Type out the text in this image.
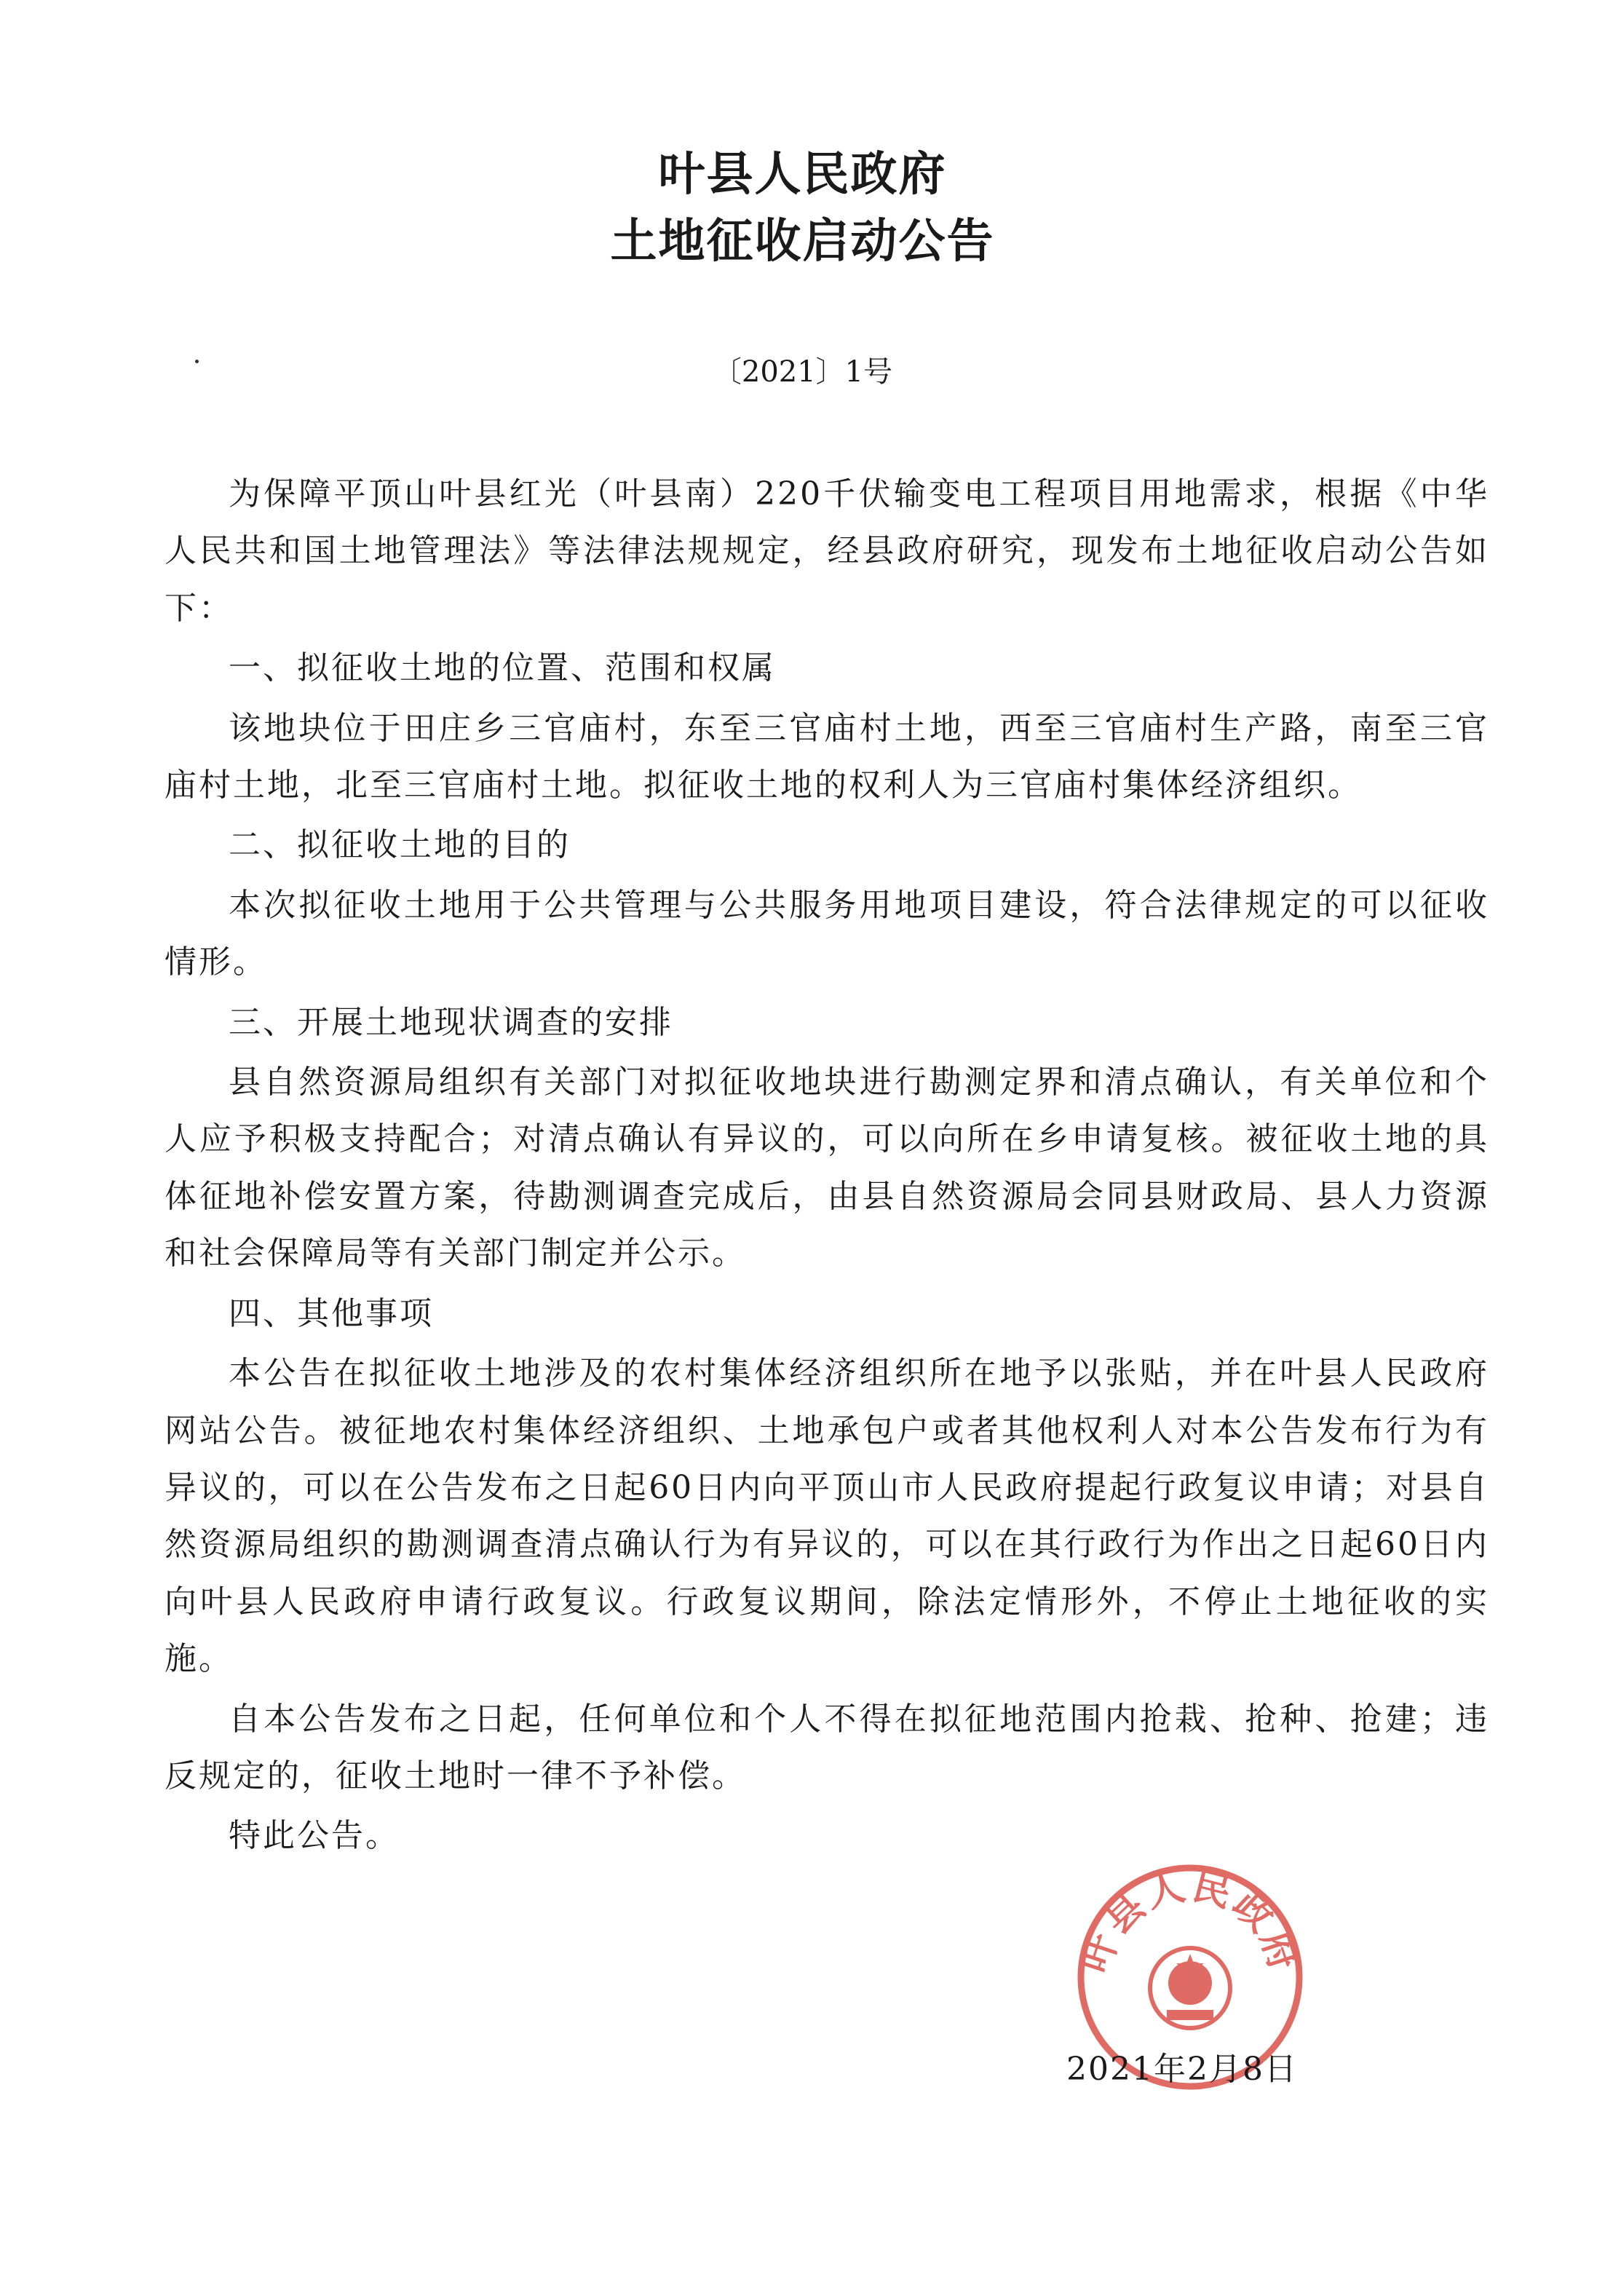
叶县人民政府
土地征收启动公告
〔2021〕1号

为保障平顶山叶县红光（叶县南）220千伏输变电工程项目用地需求，根据《中华人民共和国土地管理法》等法律法规规定，经县政府研究，现发布土地征收启动公告如下：

一、拟征收土地的位置、范围和权属

该地块位于田庄乡三官庙村，东至三官庙村土地，西至三官庙村生产路，南至三官庙村土地，北至三官庙村土地。拟征收土地的权利人为三官庙村集体经济组织。

二、拟征收土地的目的

本次拟征收土地用于公共管理与公共服务用地项目建设，符合法律规定的可以征收情形。

三、开展土地现状调查的安排

县自然资源局组织有关部门对拟征收地块进行勘测定界和清点确认，有关单位和个人应予积极支持配合；对清点确认有异议的，可以向所在乡申请复核。被征收土地的具体征地补偿安置方案，待勘测调查完成后，由县自然资源局会同县财政局、县人力资源和社会保障局等有关部门制定并公示。

四、其他事项

本公告在拟征收土地涉及的农村集体经济组织所在地予以张贴，并在叶县人民政府网站公告。被征地农村集体经济组织、土地承包户或者其他权利人对本公告发布行为有异议的，可以在公告发布之日起60日内向平顶山市人民政府提起行政复议申请；对县自然资源局组织的勘测调查清点确认行为有异议的，可以在其行政行为作出之日起60日内向叶县人民政府申请行政复议。行政复议期间，除法定情形外，不停止土地征收的实施。

自本公告发布之日起，任何单位和个人不得在拟征地范围内抢栽、抢种、抢建；违反规定的，征收土地时一律不予补偿。

特此公告。

叶县人民政府
2021年2月8日
